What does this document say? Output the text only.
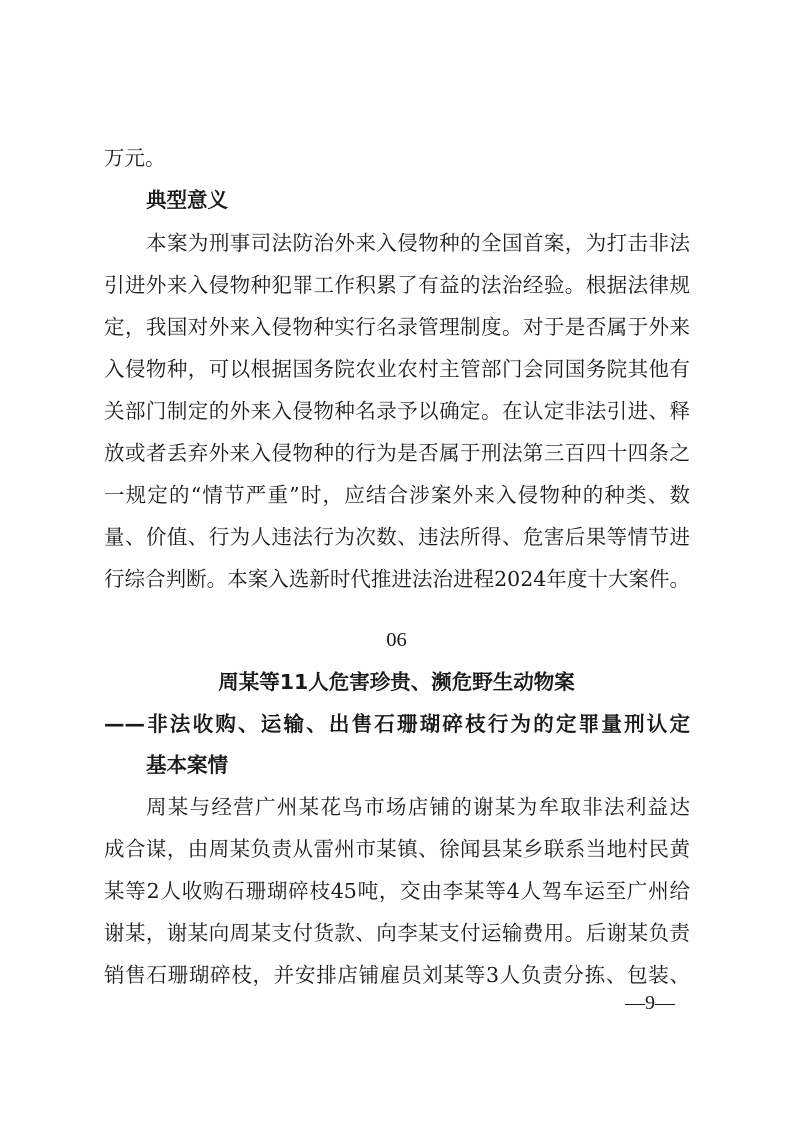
万元。
典型意义
本案为刑事司法防治外来入侵物种的全国首案，为打击非法
引进外来入侵物种犯罪工作积累了有益的法治经验。根据法律规
定，我国对外来入侵物种实行名录管理制度。对于是否属于外来
入侵物种，可以根据国务院农业农村主管部门会同国务院其他有
关部门制定的外来入侵物种名录予以确定。在认定非法引进、释
放或者丢弃外来入侵物种的行为是否属于刑法第三百四十四条之
一规定的“情节严重”时，应结合涉案外来入侵物种的种类、数
量、价值、行为人违法行为次数、违法所得、危害后果等情节进
行综合判断。本案入选新时代推进法治进程2024年度十大案件。
06
周某等11人危害珍贵、濒危野生动物案
——非法收购、运输、出售石珊瑚碎枝行为的定罪量刑认定
基本案情
周某与经营广州某花鸟市场店铺的谢某为牟取非法利益达
成合谋，由周某负责从雷州市某镇、徐闻县某乡联系当地村民黄
某等2人收购石珊瑚碎枝45吨，交由李某等4人驾车运至广州给
谢某，谢某向周某支付货款、向李某支付运输费用。后谢某负责
销售石珊瑚碎枝，并安排店铺雇员刘某等3人负责分拣、包装、
—9—
